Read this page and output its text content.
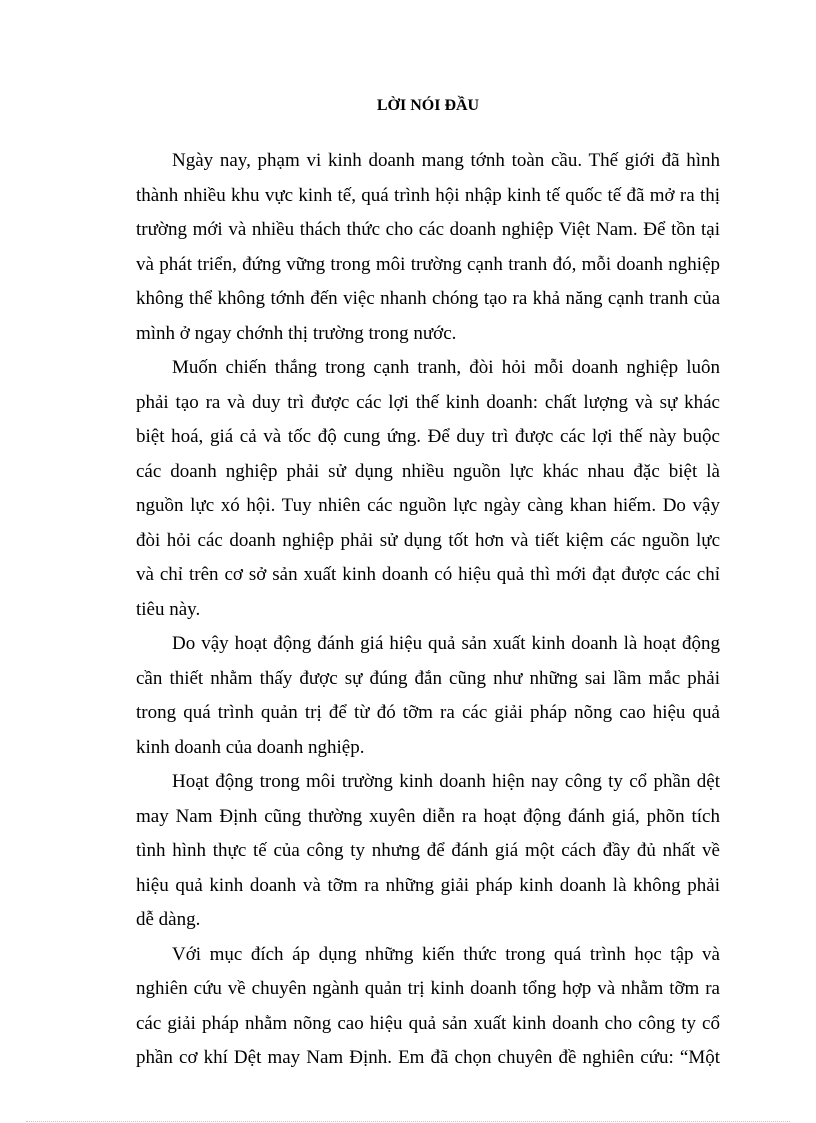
LỜI NÓI ĐẦU
Ngày nay, phạm vi kinh doanh mang tớnh toàn cầu. Thế giới đã hình
thành nhiều khu vực kinh tế, quá trình hội nhập kinh tế quốc tế đã mở ra thị
trường mới và nhiều thách thức cho các doanh nghiệp Việt Nam. Để tồn tại
và phát triển, đứng vững trong môi trường cạnh tranh đó, mỗi doanh nghiệp
không thể không tớnh đến việc nhanh chóng tạo ra khả năng cạnh tranh của
mình ở ngay chớnh thị trường trong nước.
Muốn chiến thắng trong cạnh tranh, đòi hỏi mỗi doanh nghiệp luôn
phải tạo ra và duy trì được các lợi thế kinh doanh: chất lượng và sự khác
biệt hoá, giá cả và tốc độ cung ứng. Để duy trì được các lợi thế này buộc
các doanh nghiệp phải sử dụng nhiều nguồn lực khác nhau đặc biệt là
nguồn lực xó hội. Tuy nhiên các nguồn lực ngày càng khan hiếm. Do vậy
đòi hỏi các doanh nghiệp phải sử dụng tốt hơn và tiết kiệm các nguồn lực
và chỉ trên cơ sở sản xuất kinh doanh có hiệu quả thì mới đạt được các chỉ
tiêu này.
Do vậy hoạt động đánh giá hiệu quả sản xuất kinh doanh là hoạt động
cần thiết nhằm thấy được sự đúng đắn cũng như những sai lầm mắc phải
trong quá trình quản trị để từ đó tỡm ra các giải pháp nõng cao hiệu quả
kinh doanh của doanh nghiệp.
Hoạt động trong môi trường kinh doanh hiện nay công ty cổ phần dệt
may Nam Định cũng thường xuyên diễn ra hoạt động đánh giá, phõn tích
tình hình thực tế của công ty nhưng để đánh giá một cách đầy đủ nhất về
hiệu quả kinh doanh và tỡm ra những giải pháp kinh doanh là không phải
dễ dàng.
Với mục đích áp dụng những kiến thức trong quá trình học tập và
nghiên cứu về chuyên ngành quản trị kinh doanh tổng hợp và nhằm tỡm ra
các giải pháp nhằm nõng cao hiệu quả sản xuất kinh doanh cho công ty cổ
phần cơ khí Dệt may Nam Định. Em đã chọn chuyên đề nghiên cứu: “Một
